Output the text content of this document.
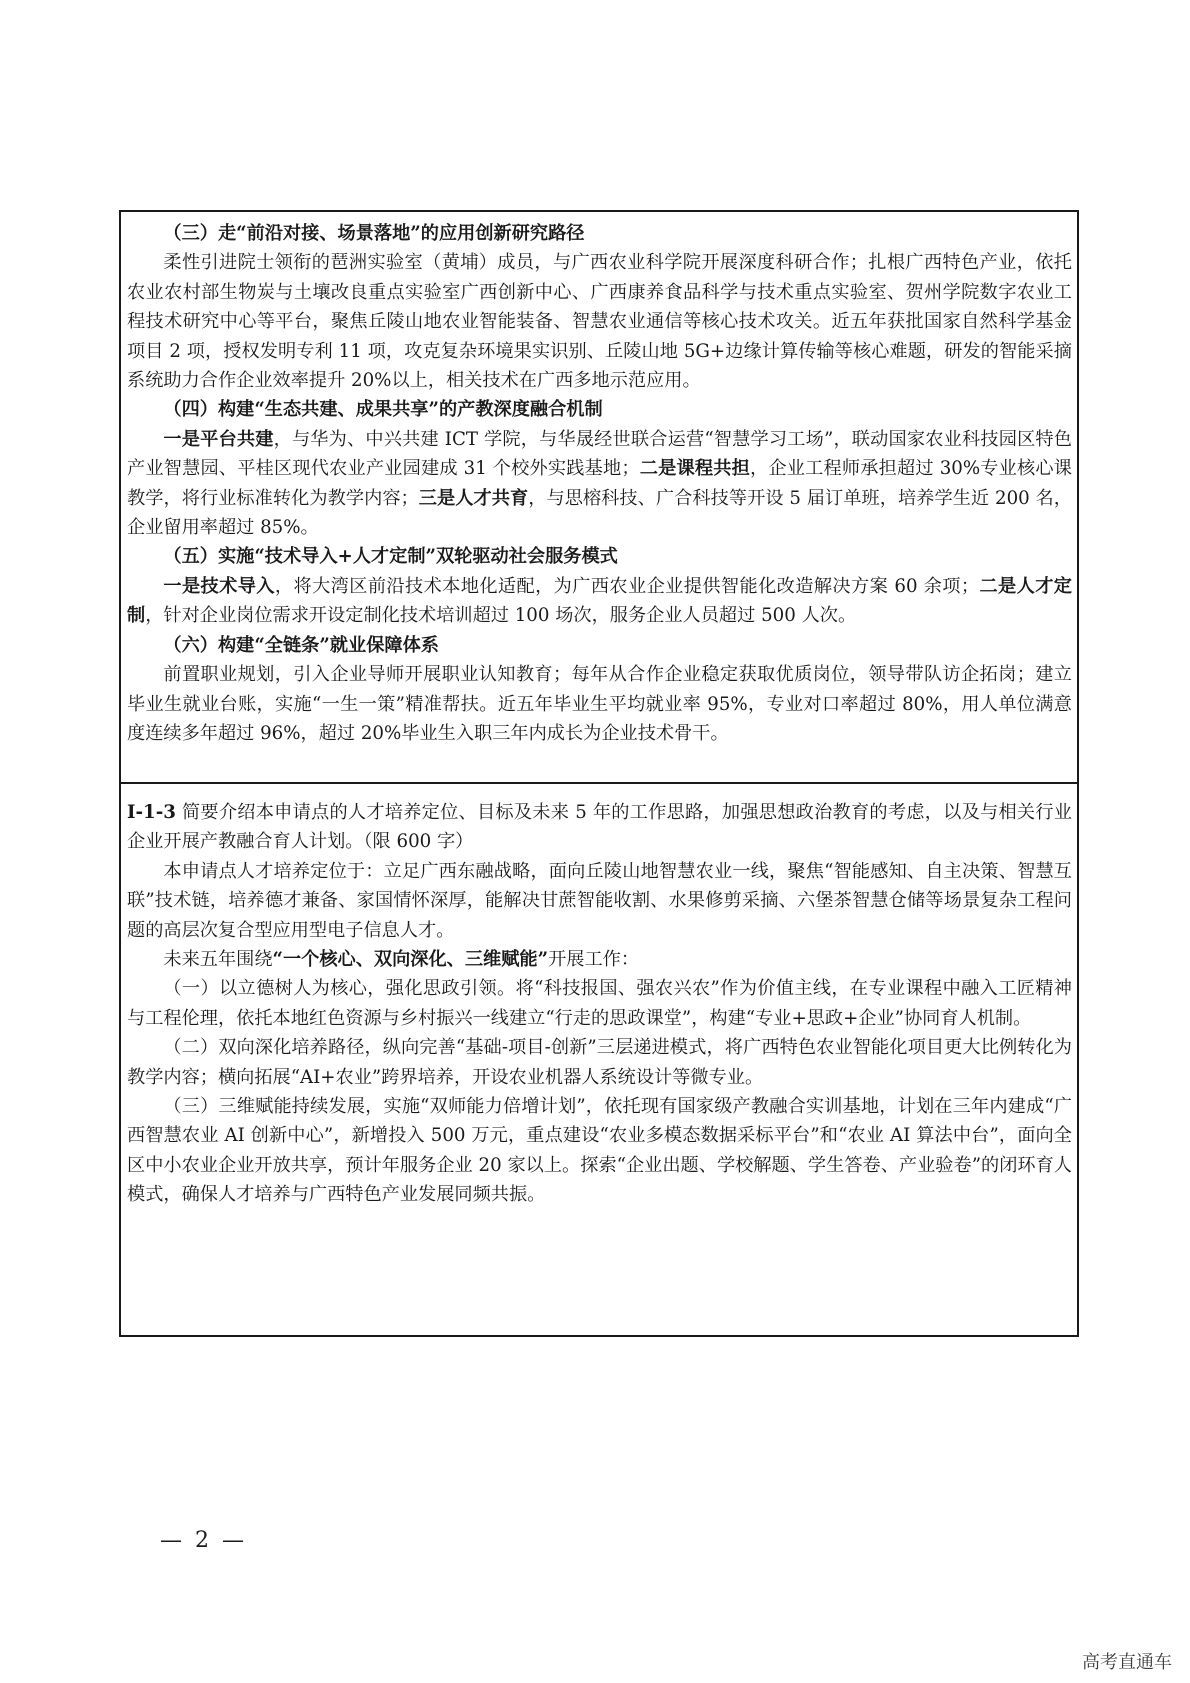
（三）走“前沿对接、场景落地”的应用创新研究路径

柔性引进院士领衔的琶洲实验室（黄埔）成员，与广西农业科学院开展深度科研合作；扎根广西特色产业，依托农业农村部生物炭与土壤改良重点实验室广西创新中心、广西康养食品科学与技术重点实验室、贺州学院数字农业工程技术研究中心等平台，聚焦丘陵山地农业智能装备、智慧农业通信等核心技术攻关。近五年获批国家自然科学基金项目 2 项，授权发明专利 11 项，攻克复杂环境果实识别、丘陵山地 5G+边缘计算传输等核心难题，研发的智能采摘系统助力合作企业效率提升 20%以上，相关技术在广西多地示范应用。

（四）构建“生态共建、成果共享”的产教深度融合机制

一是平台共建，与华为、中兴共建 ICT 学院，与华晟经世联合运营“智慧学习工场”，联动国家农业科技园区特色产业智慧园、平桂区现代农业产业园建成 31 个校外实践基地；二是课程共担，企业工程师承担超过 30%专业核心课教学，将行业标准转化为教学内容；三是人才共育，与思榕科技、广合科技等开设 5 届订单班，培养学生近 200 名，企业留用率超过 85%。

（五）实施“技术导入+人才定制”双轮驱动社会服务模式

一是技术导入，将大湾区前沿技术本地化适配，为广西农业企业提供智能化改造解决方案 60 余项；二是人才定制，针对企业岗位需求开设定制化技术培训超过 100 场次，服务企业人员超过 500 人次。

（六）构建“全链条”就业保障体系

前置职业规划，引入企业导师开展职业认知教育；每年从合作企业稳定获取优质岗位，领导带队访企拓岗；建立毕业生就业台账，实施“一生一策”精准帮扶。近五年毕业生平均就业率 95%，专业对口率超过 80%，用人单位满意度连续多年超过 96%，超过 20%毕业生入职三年内成长为企业技术骨干。

I-1-3 简要介绍本申请点的人才培养定位、目标及未来 5 年的工作思路，加强思想政治教育的考虑，以及与相关行业企业开展产教融合育人计划。（限 600 字）

本申请点人才培养定位于：立足广西东融战略，面向丘陵山地智慧农业一线，聚焦“智能感知、自主决策、智慧互联”技术链，培养德才兼备、家国情怀深厚，能解决甘蔗智能收割、水果修剪采摘、六堡茶智慧仓储等场景复杂工程问题的高层次复合型应用型电子信息人才。

未来五年围绕“一个核心、双向深化、三维赋能”开展工作：

（一）以立德树人为核心，强化思政引领。将“科技报国、强农兴农”作为价值主线，在专业课程中融入工匠精神与工程伦理，依托本地红色资源与乡村振兴一线建立“行走的思政课堂”，构建“专业+思政+企业”协同育人机制。

（二）双向深化培养路径，纵向完善“基础-项目-创新”三层递进模式，将广西特色农业智能化项目更大比例转化为教学内容；横向拓展“AI+农业”跨界培养，开设农业机器人系统设计等微专业。

（三）三维赋能持续发展，实施“双师能力倍增计划”，依托现有国家级产教融合实训基地，计划在三年内建成“广西智慧农业 AI 创新中心”，新增投入 500 万元，重点建设“农业多模态数据采标平台”和“农业 AI 算法中台”，面向全区中小农业企业开放共享，预计年服务企业 20 家以上。探索“企业出题、学校解题、学生答卷、产业验卷”的闭环育人模式，确保人才培养与广西特色产业发展同频共振。

— 2 —
高考直通车
